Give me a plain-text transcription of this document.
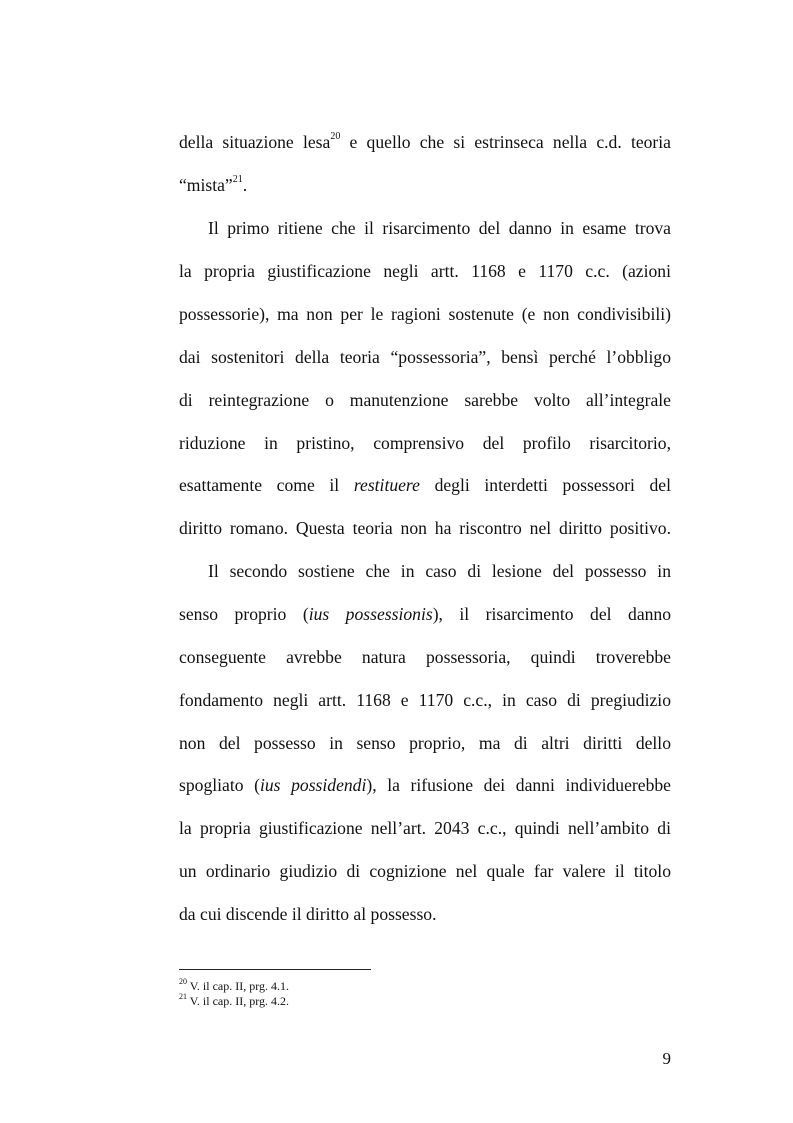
della situazione lesa$^{20}$ e quello che si estrinseca nella c.d. teoria
“mista”$^{21}$.
Il primo ritiene che il risarcimento del danno in esame trova
la propria giustificazione negli artt. 1168 e 1170 c.c. (azioni
possessorie), ma non per le ragioni sostenute (e non condivisibili)
dai sostenitori della teoria “possessoria”, bensì perché l’obbligo
di reintegrazione o manutenzione sarebbe volto all’integrale
riduzione in pristino, comprensivo del profilo risarcitorio,
esattamente come il restituere degli interdetti possessori del
diritto romano. Questa teoria non ha riscontro nel diritto positivo.
Il secondo sostiene che in caso di lesione del possesso in
senso proprio (ius possessionis), il risarcimento del danno
conseguente avrebbe natura possessoria, quindi troverebbe
fondamento negli artt. 1168 e 1170 c.c., in caso di pregiudizio
non del possesso in senso proprio, ma di altri diritti dello
spogliato (ius possidendi), la rifusione dei danni individuerebbe
la propria giustificazione nell’art. 2043 c.c., quindi nell’ambito di
un ordinario giudizio di cognizione nel quale far valere il titolo
da cui discende il diritto al possesso.
$^{20}$ V. il cap. II, prg. 4.1.
$^{21}$ V. il cap. II, prg. 4.2.
9
